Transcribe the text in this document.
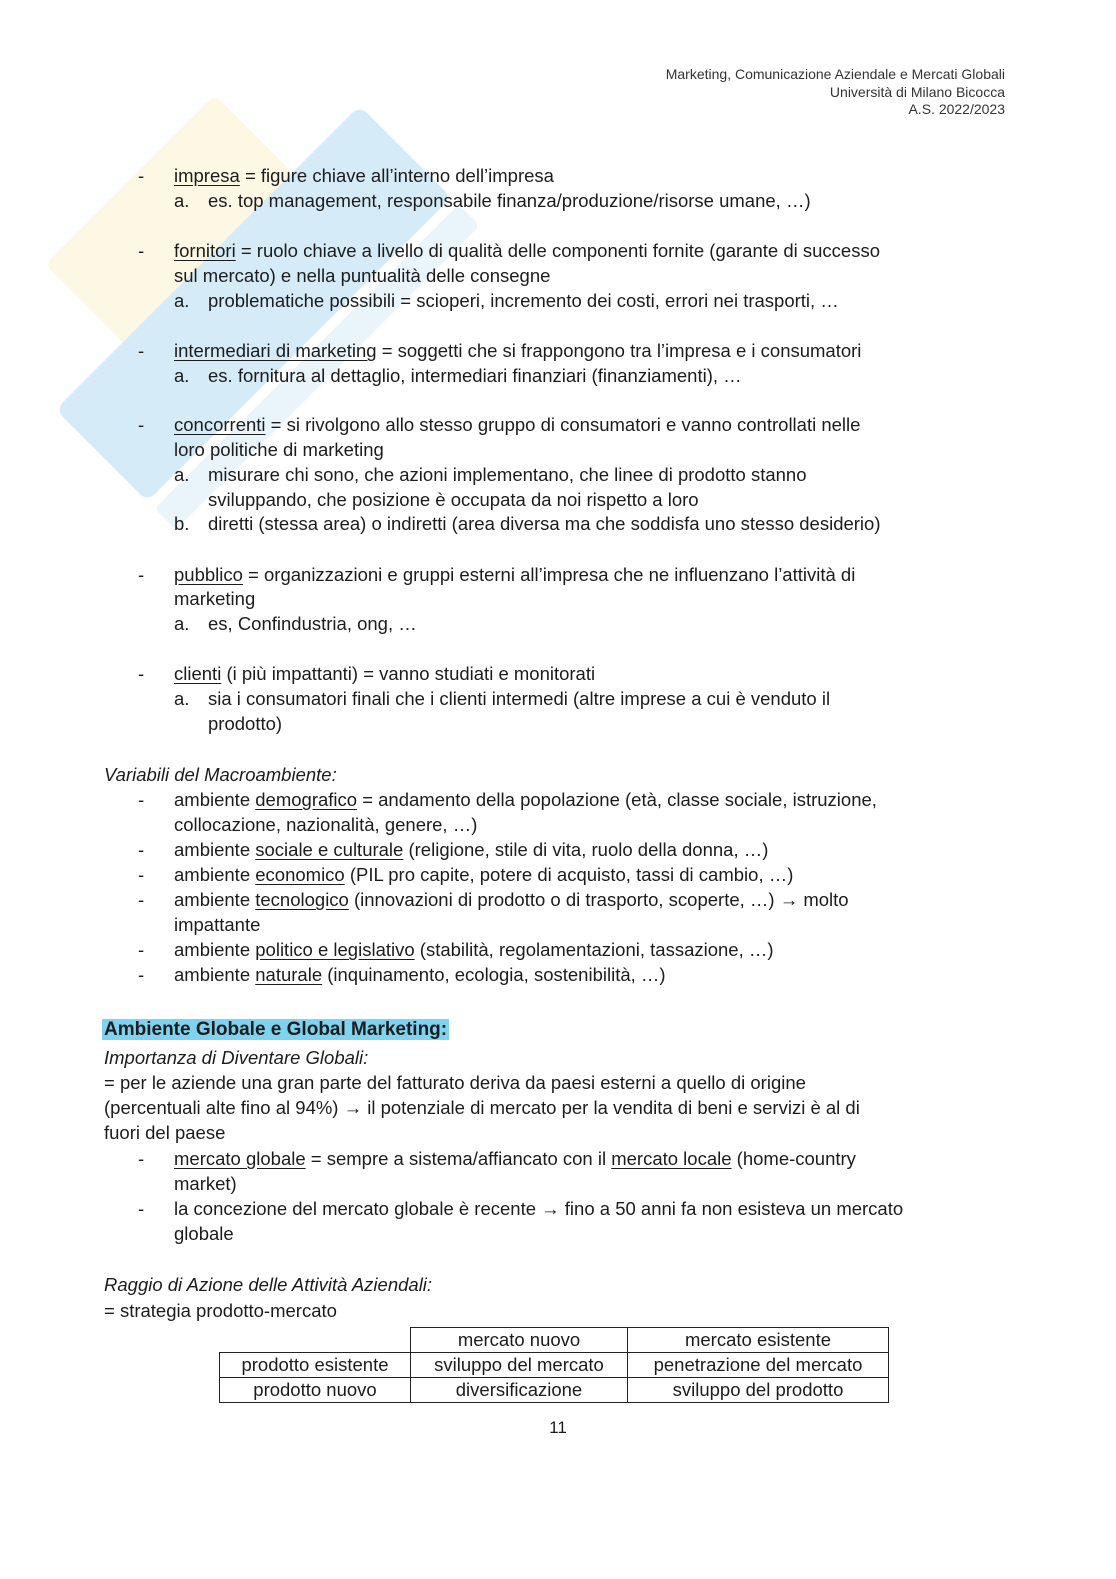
Marketing, Comunicazione Aziendale e Mercati Globali
Università di Milano Bicocca
A.S. 2022/2023
- impresa = figure chiave all’interno dell’impresa
a. es. top management, responsabile finanza/produzione/risorse umane, …)
- fornitori = ruolo chiave a livello di qualità delle componenti fornite (garante di successo
sul mercato) e nella puntualità delle consegne
a. problematiche possibili = scioperi, incremento dei costi, errori nei trasporti, …
- intermediari di marketing = soggetti che si frappongono tra l’impresa e i consumatori
a. es. fornitura al dettaglio, intermediari finanziari (finanziamenti), …
- concorrenti = si rivolgono allo stesso gruppo di consumatori e vanno controllati nelle
loro politiche di marketing
a. misurare chi sono, che azioni implementano, che linee di prodotto stanno
sviluppando, che posizione è occupata da noi rispetto a loro
b. diretti (stessa area) o indiretti (area diversa ma che soddisfa uno stesso desiderio)
- pubblico = organizzazioni e gruppi esterni all’impresa che ne influenzano l’attività di
marketing
a. es, Confindustria, ong, …
- clienti (i più impattanti) = vanno studiati e monitorati
a. sia i consumatori finali che i clienti intermedi (altre imprese a cui è venduto il
prodotto)
Variabili del Macroambiente:
- ambiente demografico = andamento della popolazione (età, classe sociale, istruzione,
collocazione, nazionalità, genere, …)
- ambiente sociale e culturale (religione, stile di vita, ruolo della donna, …)
- ambiente economico (PIL pro capite, potere di acquisto, tassi di cambio, …)
- ambiente tecnologico (innovazioni di prodotto o di trasporto, scoperte, …) → molto
impattante
- ambiente politico e legislativo (stabilità, regolamentazioni, tassazione, …)
- ambiente naturale (inquinamento, ecologia, sostenibilità, …)
Ambiente Globale e Global Marketing:
Importanza di Diventare Globali:
= per le aziende una gran parte del fatturato deriva da paesi esterni a quello di origine
(percentuali alte fino al 94%) → il potenziale di mercato per la vendita di beni e servizi è al di
fuori del paese
- mercato globale = sempre a sistema/affiancato con il mercato locale (home-country
market)
- la concezione del mercato globale è recente → fino a 50 anni fa non esisteva un mercato
globale
Raggio di Azione delle Attività Aziendali:
= strategia prodotto-mercato
	mercato nuovo	mercato esistente
prodotto esistente	sviluppo del mercato	penetrazione del mercato
prodotto nuovo	diversificazione	sviluppo del prodotto
11
